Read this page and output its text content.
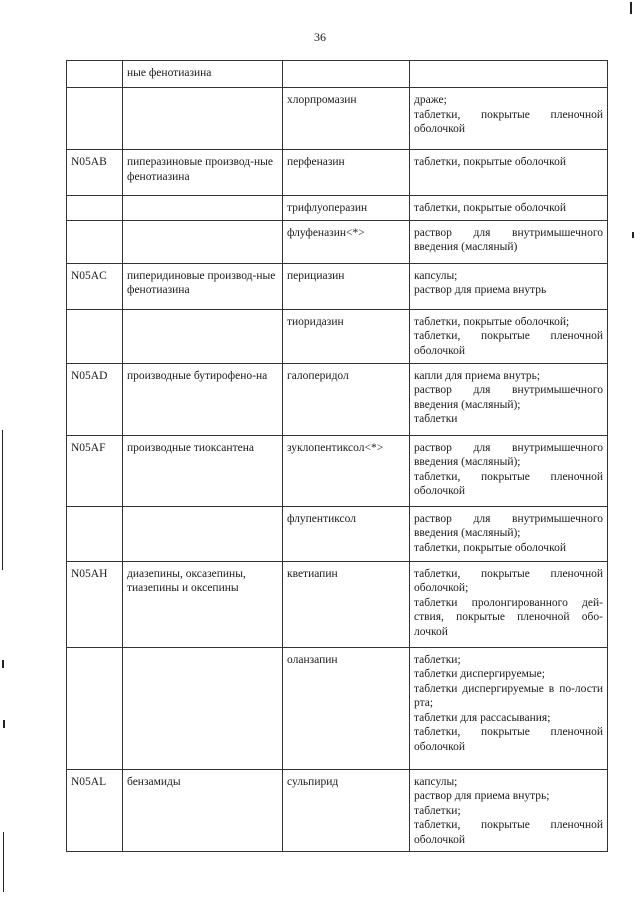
36
	ные фенотиазина		
		хлорпромазин	драже;
таблетки, покрытые пленочной оболочкой

N05AB	пиперазиновые производ-ные фенотиазина	перфеназин	таблетки, покрытые оболочкой

		трифлуоперазин	таблетки, покрытые оболочкой

		флуфеназин<*>	раствор для внутримышечного введения (масляный)

N05AC	пиперидиновые производ-ные фенотиазина	перициазин	капсулы;
раствор для приема внутрь

		тиоридазин	таблетки, покрытые оболочкой;
таблетки, покрытые пленочной оболочкой

N05AD	производные бутирофено-на	галоперидол	капли для приема внутрь;
раствор для внутримышечного введения (масляный);
таблетки

N05AF	производные тиоксантена	зуклопентиксол<*>	раствор для внутримышечного введения (масляный);
таблетки, покрытые пленочной оболочкой

		флупентиксол	раствор для внутримышечного введения (масляный);
таблетки, покрытые оболочкой

N05AH	диазепины, оксазепины, тиазепины и оксепины	кветиапин	таблетки, покрытые пленочной оболочкой;
таблетки пролонгированного дей-ствия, покрытые пленочной обо-лочкой

		оланзапин	таблетки;
таблетки диспергируемые;
таблетки диспергируемые в по-лости рта;
таблетки для рассасывания;
таблетки, покрытые пленочной оболочкой

N05AL	бензамиды	сульпирид	капсулы;
раствор для приема внутрь;
таблетки;
таблетки, покрытые пленочной оболочкой
